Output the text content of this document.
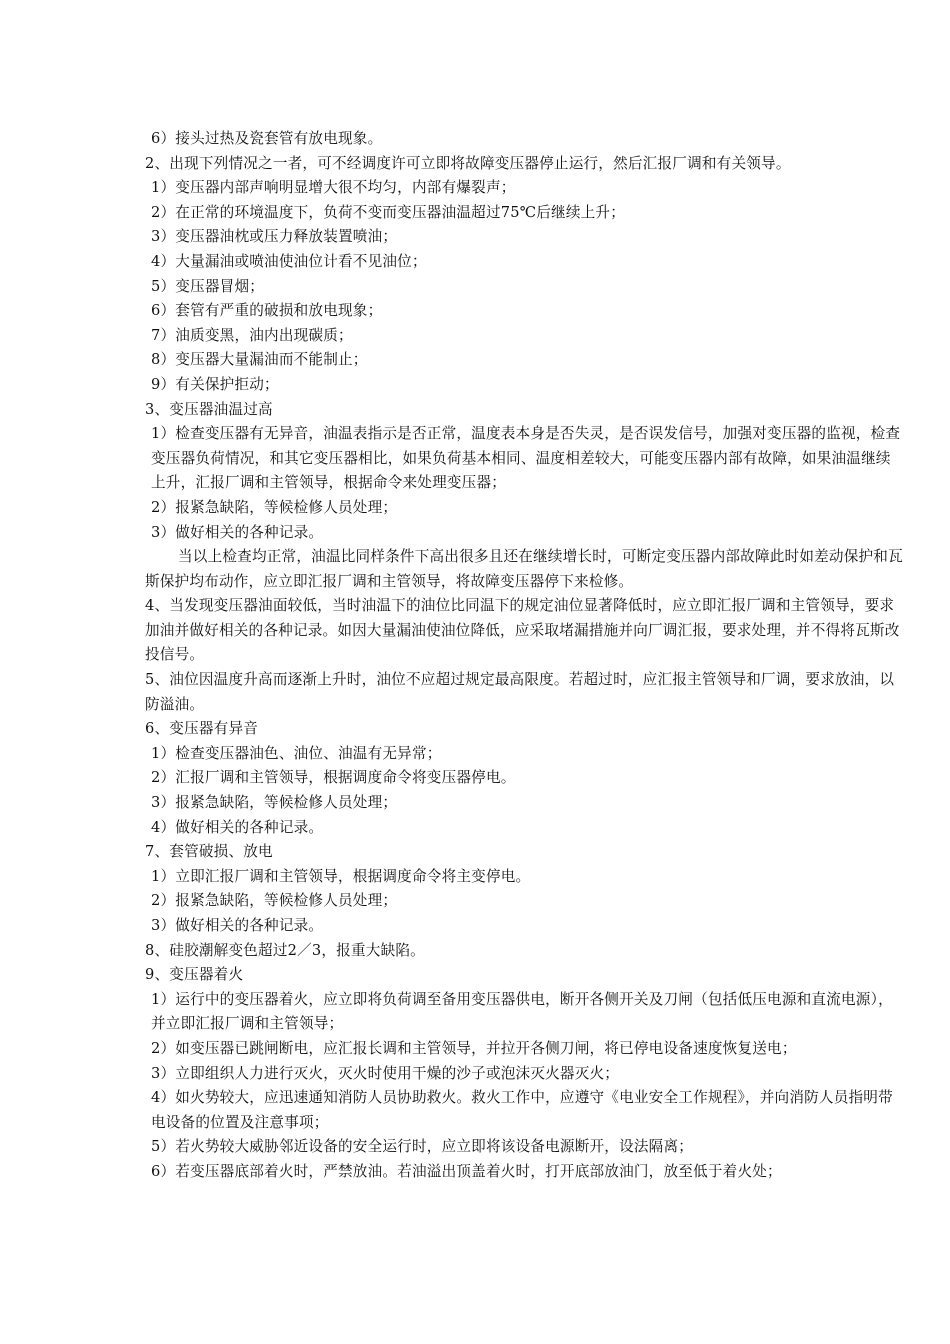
6）接头过热及瓷套管有放电现象。
2、出现下列情况之一者，可不经调度许可立即将故障变压器停止运行，然后汇报厂调和有关领导。
1）变压器内部声响明显增大很不均匀，内部有爆裂声；
2）在正常的环境温度下，负荷不变而变压器油温超过75℃后继续上升；
3）变压器油枕或压力释放装置喷油；
4）大量漏油或喷油使油位计看不见油位；
5）变压器冒烟；
6）套管有严重的破损和放电现象；
7）油质变黑，油内出现碳质；
8）变压器大量漏油而不能制止；
9）有关保护拒动；
3、变压器油温过高
1）检查变压器有无异音，油温表指示是否正常，温度表本身是否失灵，是否误发信号，加强对变压器的监视，检查变压器负荷情况，和其它变压器相比，如果负荷基本相同、温度相差较大，可能变压器内部有故障，如果油温继续上升，汇报厂调和主管领导，根据命令来处理变压器；
2）报紧急缺陷，等候检修人员处理；
3）做好相关的各种记录。
当以上检查均正常，油温比同样条件下高出很多且还在继续增长时，可断定变压器内部故障此时如差动保护和瓦斯保护均布动作，应立即汇报厂调和主管领导，将故障变压器停下来检修。
4、当发现变压器油面较低，当时油温下的油位比同温下的规定油位显著降低时，应立即汇报厂调和主管领导，要求加油并做好相关的各种记录。如因大量漏油使油位降低，应采取堵漏措施并向厂调汇报，要求处理，并不得将瓦斯改投信号。
5、油位因温度升高而逐渐上升时，油位不应超过规定最高限度。若超过时，应汇报主管领导和厂调，要求放油，以防溢油。
6、变压器有异音
1）检查变压器油色、油位、油温有无异常；
2）汇报厂调和主管领导，根据调度命令将变压器停电。
3）报紧急缺陷，等候检修人员处理；
4）做好相关的各种记录。
7、套管破损、放电
1）立即汇报厂调和主管领导，根据调度命令将主变停电。
2）报紧急缺陷，等候检修人员处理；
3）做好相关的各种记录。
8、硅胶潮解变色超过2／3，报重大缺陷。
9、变压器着火
1）运行中的变压器着火，应立即将负荷调至备用变压器供电，断开各侧开关及刀闸（包括低压电源和直流电源），并立即汇报厂调和主管领导；
2）如变压器已跳闸断电，应汇报长调和主管领导，并拉开各侧刀闸，将已停电设备速度恢复送电；
3）立即组织人力进行灭火，灭火时使用干燥的沙子或泡沫灭火器灭火；
4）如火势较大，应迅速通知消防人员协助救火。救火工作中，应遵守《电业安全工作规程》，并向消防人员指明带电设备的位置及注意事项；
5）若火势较大威胁邻近设备的安全运行时，应立即将该设备电源断开，设法隔离；
6）若变压器底部着火时，严禁放油。若油溢出顶盖着火时，打开底部放油门，放至低于着火处；
